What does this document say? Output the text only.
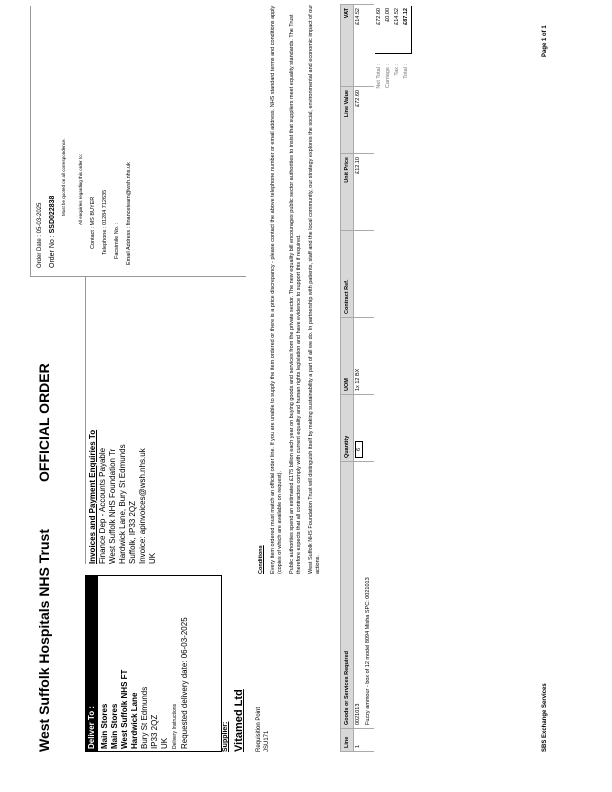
West Suffolk Hospitals NHS Trust
OFFICIAL ORDER
Order Date : 05-03-2025
Order No : SSD022838 Must be quoted on all correspondence.
Deliver To : Main Stores Main Stores West Suffolk NHS FT Hardwick Lane Bury St Edmunds IP33 2QZ UK Delivery Instructions Requested delivery date: 06-03-2025
Invoices and Payment Enquiries To Finance Dep - Accounts Payable West Suffolk NHS Foundation Tr Hardwick Lane, Bury St Edmunds Suffolk, IP33 2QZ Invoice: apinvoices@wsh.nhs.uk UK
All enquiries regarding this order to:	Contact : MS BUYER	Telephone : 01284 712635	Facsimile No. :	Email Address : financeteam@wsh.nhs.uk
Supplier: Vitamed Ltd Requisition Point JSU171

Conditions Every item ordered must match an official order line. If you are unable to supply the item ordered or there is a price discrepancy - please contact the above telephone number or email address. NHS standard terms and conditions apply (copies of which are available on request). Public authorities spend an estimated £175 billion each year on buying goods and services from the private sector. The new equality bill encourages public sector authorities to insist that suppliers meet equality standards. The Trust therefore expects that all contractors comply with current equality and human rights legislation and have evidence to support this if required. West Suffolk NHS Foundation Trust will distinguish itself by making sustainability a part of all we do. In partnership with patients, staff and the local community, our strategy explores the social, environmental and economic impact of our actions.

Line	Goods or Services Required	Quantity	UOM	Contract Ref.	Unit Price	Line Value	VAT
1	0021013	6	1x 12 BX		£12.10	£72.60	£14.52
	Fuzzy ammour - box of 12 model 8094 Misha SPC: 0021013						
Net Total :
£72.60
Carriage :
£0.00
Tax :
£14.52
Total :
£87.12
SBS Exchange Services
Page 1 of 1
